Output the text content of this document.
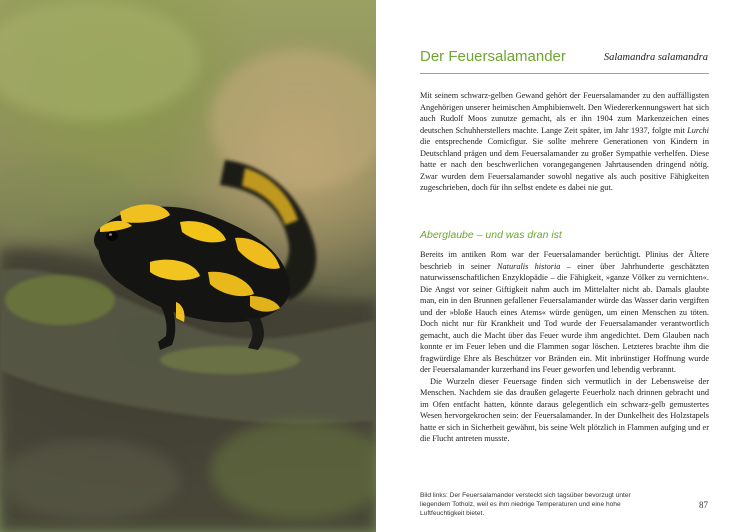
Der Feuersalamander	Salamandra salamandra

Mit seinem schwarz-gelben Gewand gehört der Feuersalamander zu den auffälligsten Angehörigen unserer heimischen Amphibienwelt. Den Wiedererkennungswert hat sich auch Rudolf Moos zunutze gemacht, als er ihn 1904 zum Markenzeichen eines deutschen Schuhherstellers machte. Lange Zeit später, im Jahr 1937, folgte mit Lurchi die entsprechende Comicfigur. Sie sollte mehrere Generationen von Kindern in Deutschland prägen und dem Feuersalamander zu großer Sympathie verhelfen. Diese hatte er nach den beschwerlichen vorangegangenen Jahrtausenden dringend nötig. Zwar wurden dem Feuersalamander sowohl negative als auch positive Fähigkeiten zugeschrieben, doch für ihn selbst endete es dabei nie gut.

Aberglaube – und was dran ist

Bereits im antiken Rom war der Feuersalamander berüchtigt. Plinius der Ältere beschrieb in seiner Naturalis historia – einer über Jahrhunderte geschätzten naturwissenschaftlichen Enzyklopädie – die Fähigkeit, »ganze Völker zu vernichten«. Die Angst vor seiner Giftigkeit nahm auch im Mittelalter nicht ab. Damals glaubte man, ein in den Brunnen gefallener Feuersalamander würde das Wasser darin vergiften und der »bloße Hauch eines Atems« würde genügen, um einen Menschen zu töten. Doch nicht nur für Krankheit und Tod wurde der Feuersalamander verantwortlich gemacht, auch die Macht über das Feuer wurde ihm angedichtet. Dem Glauben nach konnte er im Feuer leben und die Flammen sogar löschen. Letzteres brachte ihm die fragwürdige Ehre als Beschützer vor Bränden ein. Mit inbrünstiger Hoffnung wurde der Feuersalamander kurzerhand ins Feuer geworfen und lebendig verbrannt.

Die Wurzeln dieser Feuersage finden sich vermutlich in der Lebensweise der Menschen. Nachdem sie das draußen gelagerte Feuerholz nach drinnen gebracht und im Ofen entfacht hatten, könnte daraus gelegentlich ein schwarz-gelb gemustertes Wesen hervorgekrochen sein: der Feuersalamander. In der Dunkelheit des Holzstapels hatte er sich in Sicherheit gewähnt, bis seine Welt plötzlich in Flammen aufging und er die Flucht antreten musste.

Bild links: Der Feuersalamander versteckt sich tagsüber bevorzugt unter liegendem Totholz, weil es ihm niedrige Temperaturen und eine hohe Luftfeuchtigkeit bietet.
87
